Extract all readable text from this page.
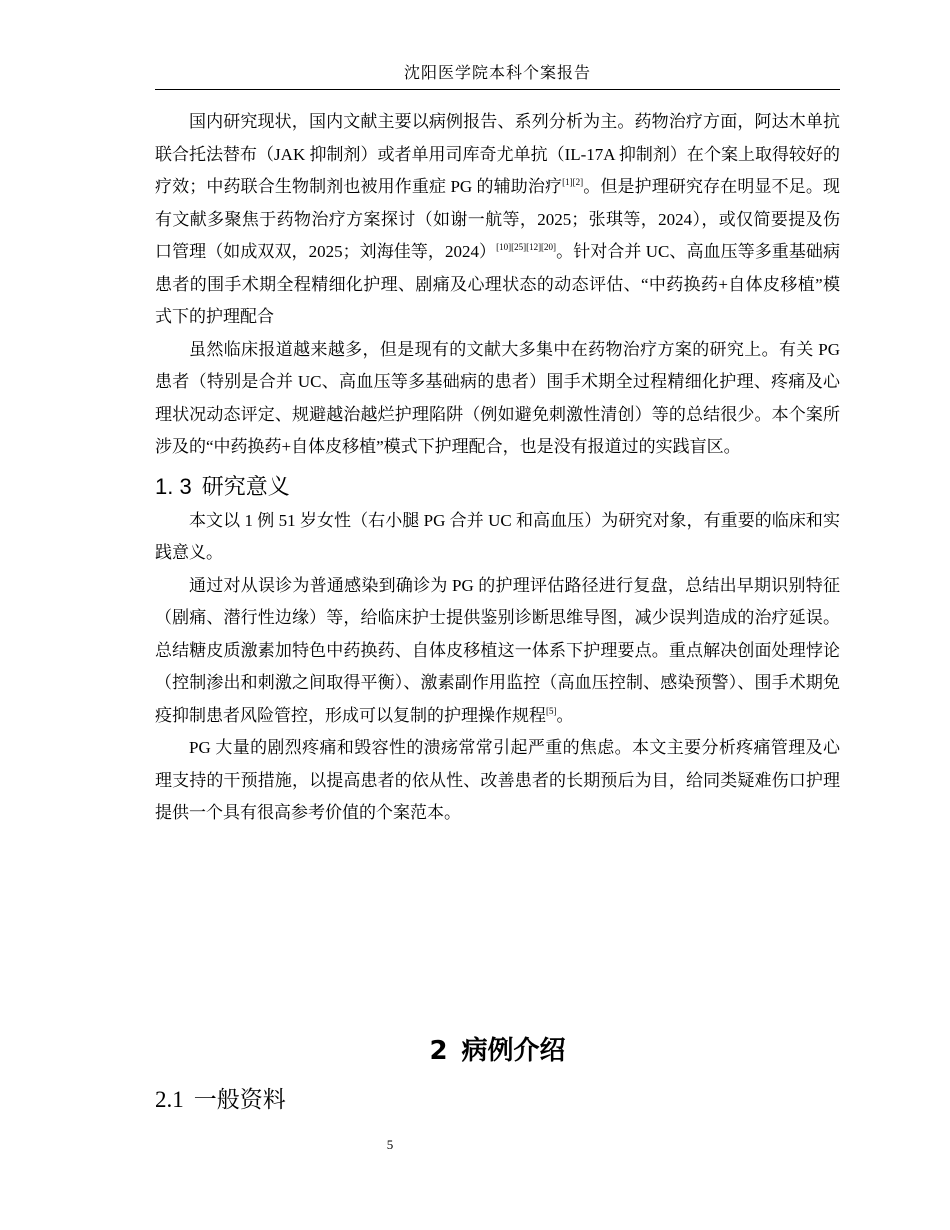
沈阳医学院本科个案报告

国内研究现状，国内文献主要以病例报告、系列分析为主。药物治疗方面，阿达木单抗联合托法替布（JAK 抑制剂）或者单用司库奇尤单抗（IL-17A 抑制剂）在个案上取得较好的疗效；中药联合生物制剂也被用作重症 PG 的辅助治疗[1][2]。但是护理研究存在明显不足。现有文献多聚焦于药物治疗方案探讨（如谢一航等，2025；张琪等，2024），或仅简要提及伤口管理（如成双双，2025；刘海佳等，2024）[10][25][12][20]。针对合并 UC、高血压等多重基础病患者的围手术期全程精细化护理、剧痛及心理状态的动态评估、“中药换药+自体皮移植”模式下的护理配合

虽然临床报道越来越多，但是现有的文献大多集中在药物治疗方案的研究上。有关 PG 患者（特别是合并 UC、高血压等多基础病的患者）围手术期全过程精细化护理、疼痛及心理状况动态评定、规避越治越烂护理陷阱（例如避免刺激性清创）等的总结很少。本个案所涉及的“中药换药+自体皮移植”模式下护理配合，也是没有报道过的实践盲区。

1. 3 研究意义

本文以 1 例 51 岁女性（右小腿 PG 合并 UC 和高血压）为研究对象，有重要的临床和实践意义。

通过对从误诊为普通感染到确诊为 PG 的护理评估路径进行复盘，总结出早期识别特征（剧痛、潜行性边缘）等，给临床护士提供鉴别诊断思维导图，减少误判造成的治疗延误。总结糖皮质激素加特色中药换药、自体皮移植这一体系下护理要点。重点解决创面处理悖论（控制渗出和刺激之间取得平衡）、激素副作用监控（高血压控制、感染预警）、围手术期免疫抑制患者风险管控，形成可以复制的护理操作规程[5]。

PG 大量的剧烈疼痛和毁容性的溃疡常常引起严重的焦虑。本文主要分析疼痛管理及心理支持的干预措施，以提高患者的依从性、改善患者的长期预后为目，给同类疑难伤口护理提供一个具有很高参考价值的个案范本。

2 病例介绍
2.1 一般资料
5
